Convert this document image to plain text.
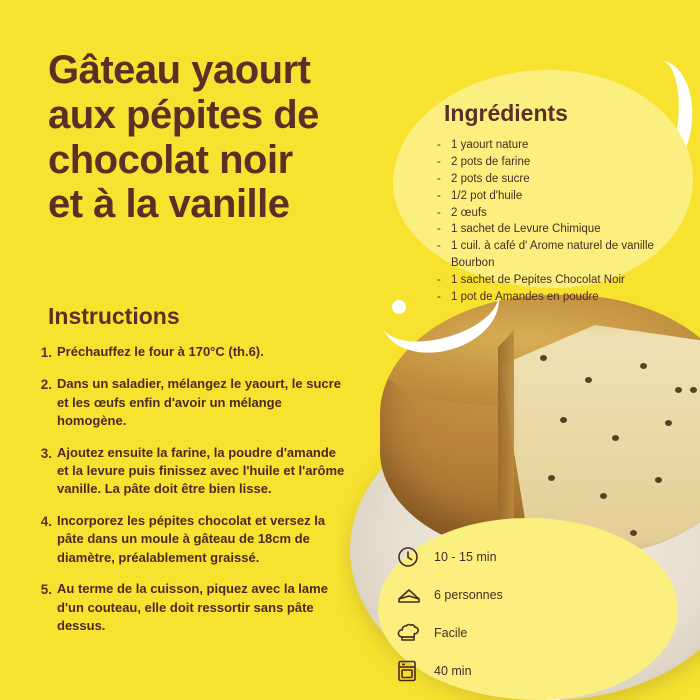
Gâteau yaourt
aux pépites de
chocolat noir
et à la vanille
Ingrédients
- 1 yaourt nature
- 2 pots de farine
- 2 pots de sucre
- 1/2 pot d'huile
- 2 œufs
- 1 sachet de Levure Chimique
- 1 cuil. à café d' Arome naturel de vanille Bourbon
- 1 sachet de Pepites Chocolat Noir
- 1 pot de Amandes en poudre
Instructions
1. Préchauffez le four à 170°C (th.6).
2. Dans un saladier, mélangez le yaourt, le sucre et les œufs enfin d'avoir un mélange homogène.
3. Ajoutez ensuite la farine, la poudre d'amande et la levure puis finissez avec l'huile et l'arôme vanille. La pâte doit être bien lisse.
4. Incorporez les pépites chocolat et versez la pâte dans un moule à gâteau de 18cm de diamètre, préalablement graissé.
5. Au terme de la cuisson, piquez avec la lame d'un couteau, elle doit ressortir sans pâte dessus.
10 - 15 min
6 personnes
Facile
40 min
